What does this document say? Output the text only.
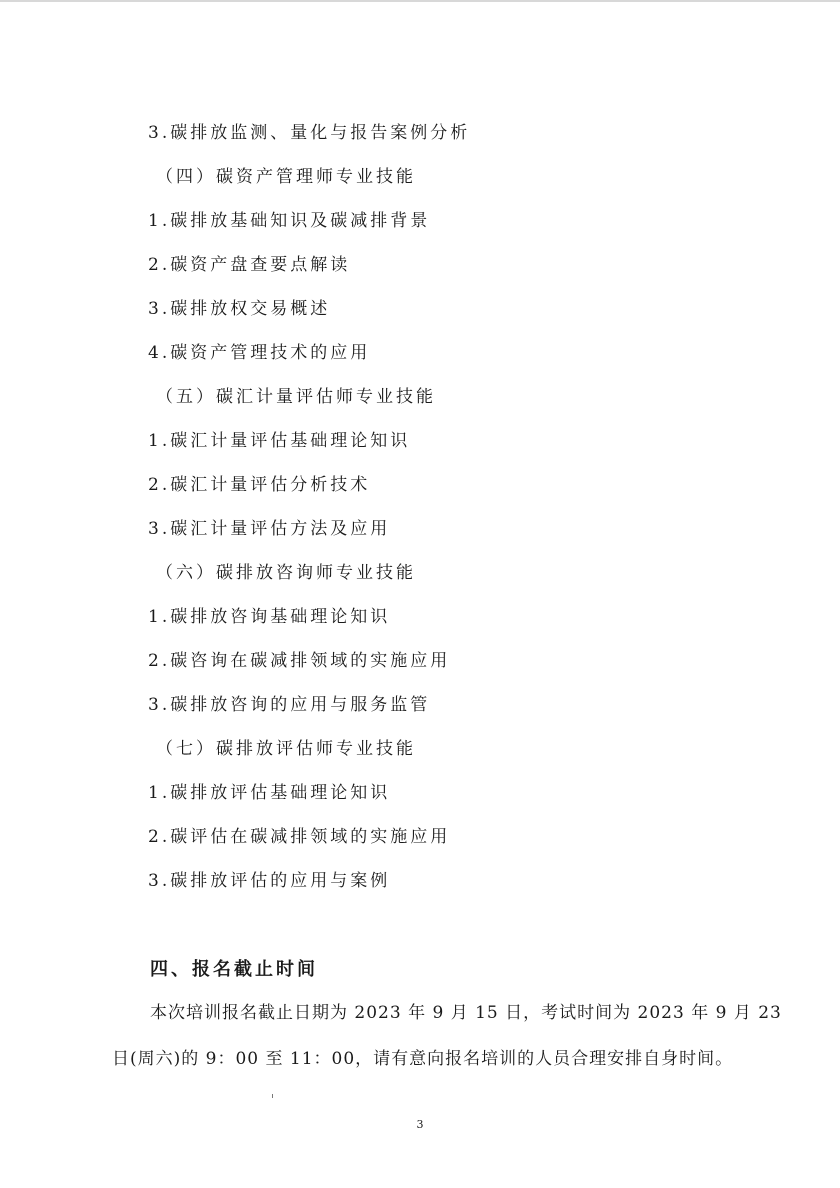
3.碳排放监测、量化与报告案例分析
（四）碳资产管理师专业技能
1.碳排放基础知识及碳减排背景
2.碳资产盘查要点解读
3.碳排放权交易概述
4.碳资产管理技术的应用
（五）碳汇计量评估师专业技能
1.碳汇计量评估基础理论知识
2.碳汇计量评估分析技术
3.碳汇计量评估方法及应用
（六）碳排放咨询师专业技能
1.碳排放咨询基础理论知识
2.碳咨询在碳减排领域的实施应用
3.碳排放咨询的应用与服务监管
（七）碳排放评估师专业技能
1.碳排放评估基础理论知识
2.碳评估在碳减排领域的实施应用
3.碳排放评估的应用与案例
四、报名截止时间
本次培训报名截止日期为 2023 年 9 月 15 日，考试时间为 2023 年 9 月 23
日(周六)的 9：00 至 11：00，请有意向报名培训的人员合理安排自身时间。
3
